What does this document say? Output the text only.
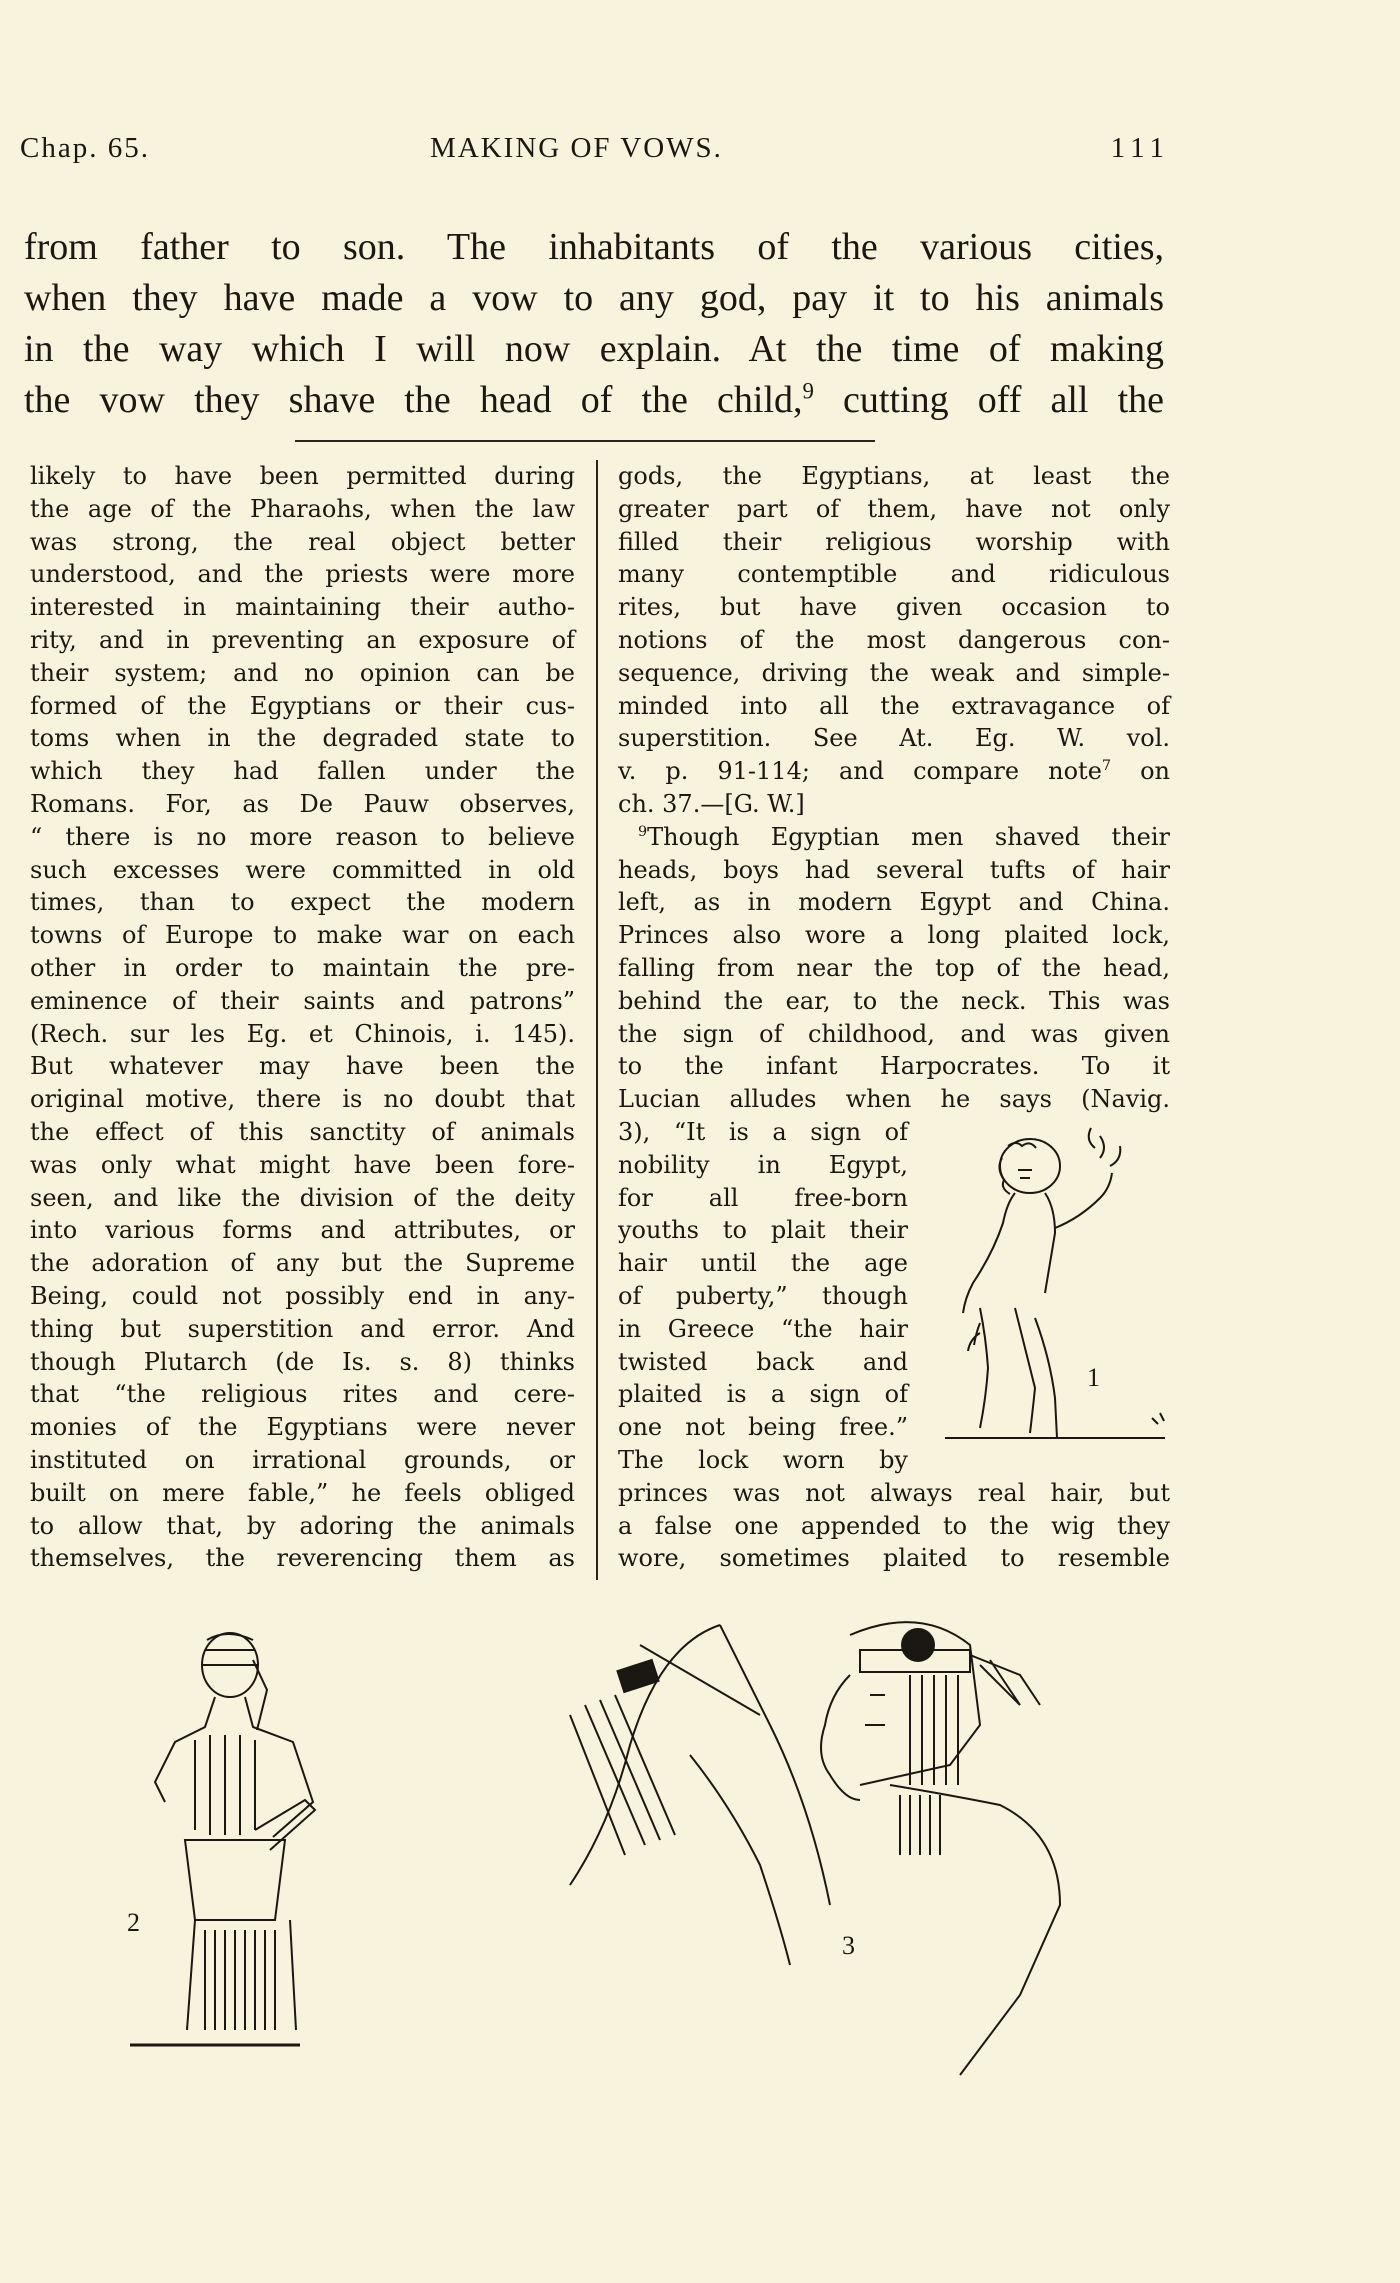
Chap. 65.	MAKING OF VOWS.	111
from father to son. The inhabitants of the various cities,
when they have made a vow to any god, pay it to his animals
in the way which I will now explain. At the time of making
the vow they shave the head of the child,$^9$ cutting off all the
likely to have been permitted during
the age of the Pharaohs, when the law
was strong, the real object better
understood, and the priests were more
interested in maintaining their autho-
rity, and in preventing an exposure of
their system; and no opinion can be
formed of the Egyptians or their cus-
toms when in the degraded state to
which they had fallen under the
Romans. For, as De Pauw observes,
“ there is no more reason to believe
such excesses were committed in old
times, than to expect the modern
towns of Europe to make war on each
other in order to maintain the pre-
eminence of their saints and patrons”
(Rech. sur les Eg. et Chinois, i. 145).
But whatever may have been the
original motive, there is no doubt that
the effect of this sanctity of animals
was only what might have been fore-
seen, and like the division of the deity
into various forms and attributes, or
the adoration of any but the Supreme
Being, could not possibly end in any-
thing but superstition and error. And
though Plutarch (de Is. s. 8) thinks
that “the religious rites and cere-
monies of the Egyptians were never
instituted on irrational grounds, or
built on mere fable,” he feels obliged
to allow that, by adoring the animals
themselves, the reverencing them as
gods, the Egyptians, at least the
greater part of them, have not only
filled their religious worship with
many contemptible and ridiculous
rites, but have given occasion to
notions of the most dangerous con-
sequence, driving the weak and simple-
minded into all the extravagance of
superstition. See At. Eg. W. vol.
v. p. 91-114; and compare note$^7$ on
ch. 37.—[G. W.]
$^9$Though Egyptian men shaved their
heads, boys had several tufts of hair
left, as in modern Egypt and China.
Princes also wore a long plaited lock,
falling from near the top of the head,
behind the ear, to the neck. This was
the sign of childhood, and was given
to the infant Harpocrates. To it
Lucian alludes when he says (Navig.
3), “It is a sign of
nobility in Egypt,
for all free-born
youths to plait their
hair until the age
of puberty,” though
in Greece “the hair
twisted back and
plaited is a sign of
one not being free.”
The lock worn by
princes was not always real hair, but
a false one appended to the wig they
wore, sometimes plaited to resemble
1
2
3
